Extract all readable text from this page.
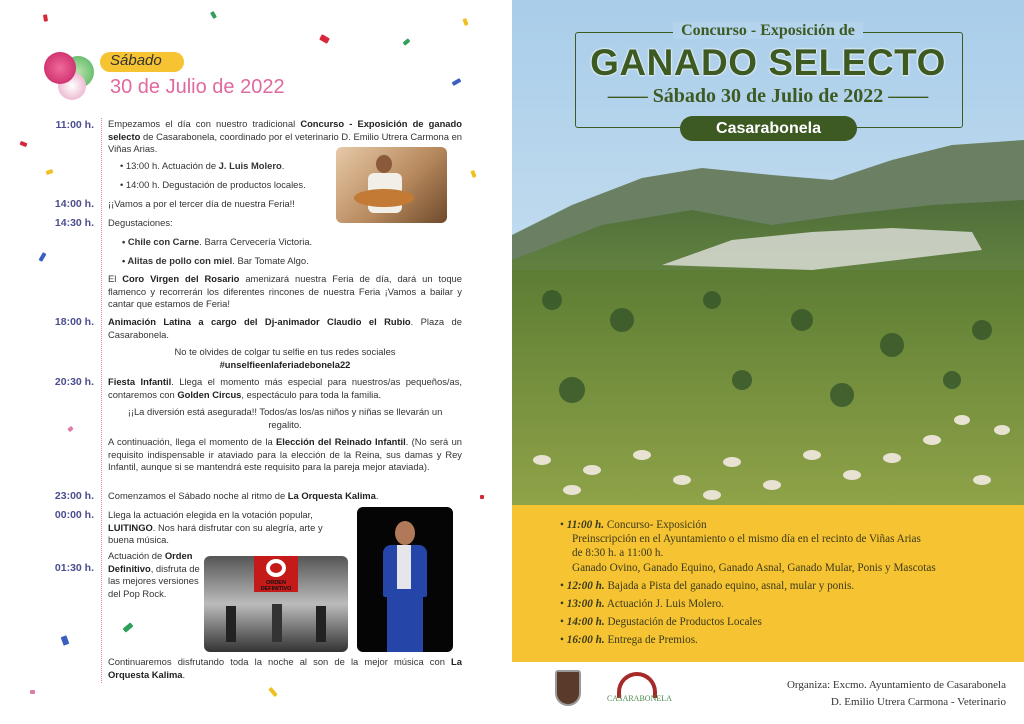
Sábado
30 de Julio de 2022
11:00 h. Empezamos el día con nuestro tradicional Concurso - Exposición de ganado selecto de Casarabonela, coordinado por el veterinario D. Emilio Utrera Carmona en Viñas Arias.
• 13:00 h. Actuación de J. Luis Molero.
• 14:00 h. Degustación de productos locales.
14:00 h. ¡¡Vamos a por el tercer día de nuestra Feria!!
14:30 h. Degustaciones:
• Chile con Carne. Barra Cervecería Victoria.
• Alitas de pollo con miel. Bar Tomate Algo.
El Coro Virgen del Rosario amenizará nuestra Feria de día, dará un toque flamenco y recorrerán los diferentes rincones de nuestra Feria ¡Vamos a bailar y cantar que estamos de Feria!
18:00 h. Animación Latina a cargo del Dj-animador Claudio el Rubio. Plaza de Casarabonela.
No te olvides de colgar tu selfie en tus redes sociales
#unselfieenlaferiadebonela22
20:30 h. Fiesta Infantil. Llega el momento más especial para nuestros/as pequeños/as, contaremos con Golden Circus, espectáculo para toda la familia.
¡¡La diversión está asegurada!! Todos/as los/as niños y niñas se llevarán un regalito.
A continuación, llega el momento de la Elección del Reinado Infantil. (No será un requisito indispensable ir ataviado para la elección de la Reina, sus damas y Rey Infantil, aunque si se mantendrá este requisito para la pareja mejor ataviada).
23:00 h. Comenzamos el Sábado noche al ritmo de La Orquesta Kalima.
00:00 h. Llega la actuación elegida en la votación popular, LUITINGO. Nos hará disfrutar con su alegría, arte y buena música.
01:30 h.
Actuación de Orden Definitivo, disfruta de las mejores versiones del Pop Rock.
ORDEN DEFINITIVO
Continuaremos disfrutando toda la noche al son de la mejor música con La Orquesta Kalima.
Concurso - Exposición de
GANADO SELECTO
—— Sábado 30 de Julio de 2022 ——
Casarabonela
• 11:00 h. Concurso- Exposición
Preinscripción en el Ayuntamiento o el mismo día en el recinto de Viñas Arias
de 8:30 h. a 11:00 h.
Ganado Ovino, Ganado Equino, Ganado Asnal, Ganado Mular, Ponis y Mascotas
• 12:00 h. Bajada a Pista del ganado equino, asnal, mular y ponis.
• 13:00 h. Actuación J. Luis Molero.
• 14:00 h. Degustación de Productos Locales
• 16:00 h. Entrega de Premios.
CASARABONELA
Organiza: Excmo. Ayuntamiento de Casarabonela
D. Emilio Utrera Carmona - Veterinario
